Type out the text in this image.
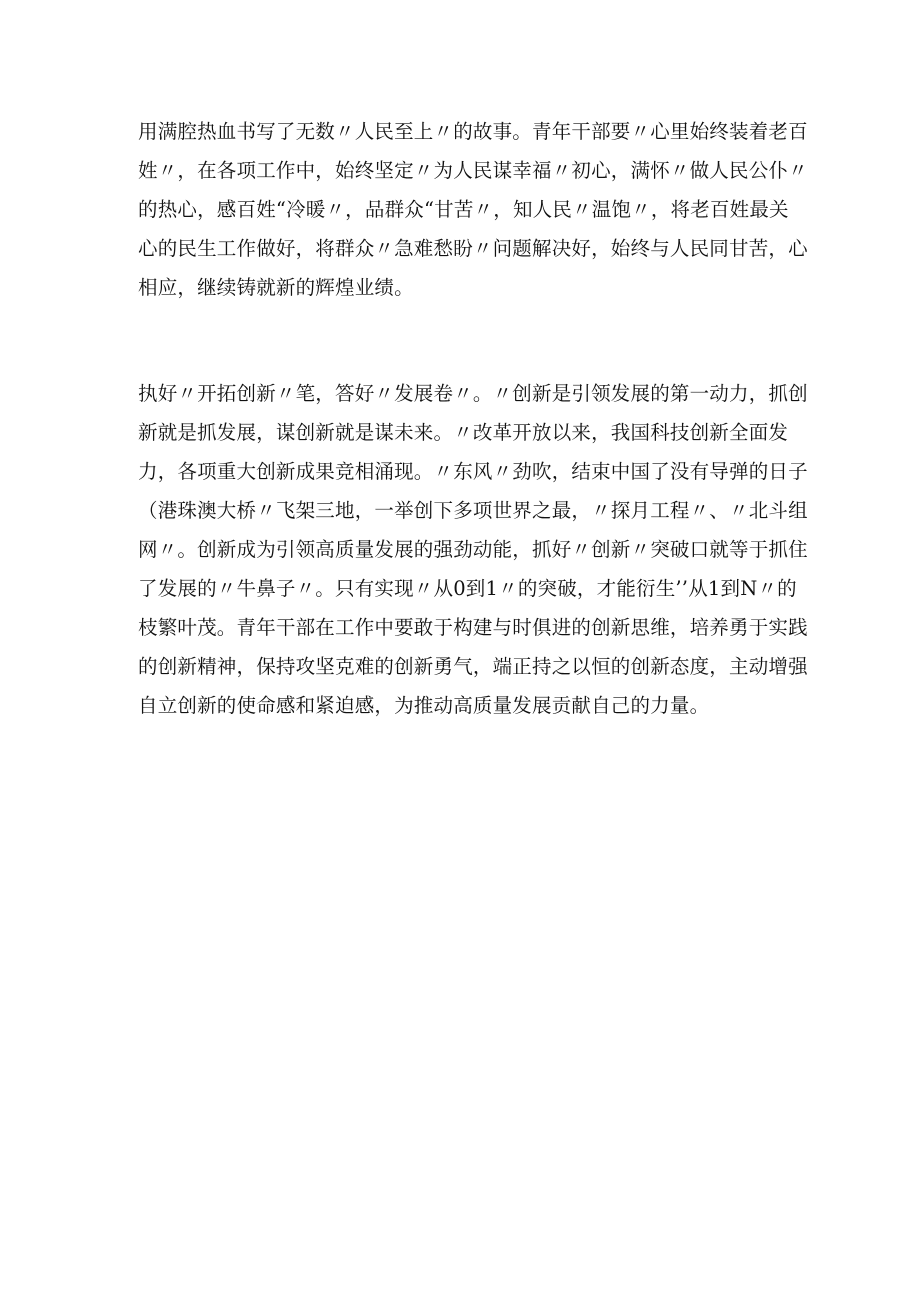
用满腔热血书写了无数〃人民至上〃的故事。青年干部要〃心里始终装着老百
姓〃，在各项工作中，始终坚定〃为人民谋幸福〃初心，满怀〃做人民公仆〃
的热心，感百姓“冷暖〃，品群众“甘苦〃，知人民〃温饱〃，将老百姓最关
心的民生工作做好，将群众〃急难愁盼〃问题解决好，始终与人民同甘苦，心
相应，继续铸就新的辉煌业绩。
执好〃开拓创新〃笔，答好〃发展卷〃。〃创新是引领发展的第一动力，抓创
新就是抓发展，谋创新就是谋未来。〃改革开放以来，我国科技创新全面发
力，各项重大创新成果竞相涌现。〃东风〃劲吹，结束中国了没有导弹的日子
（港珠澳大桥〃飞架三地，一举创下多项世界之最，〃探月工程〃、〃北斗组
网〃。创新成为引领高质量发展的强劲动能，抓好〃创新〃突破口就等于抓住
了发展的〃牛鼻子〃。只有实现〃从0到1〃的突破，才能衍生’’从1到N〃的
枝繁叶茂。青年干部在工作中要敢于构建与时俱进的创新思维，培养勇于实践
的创新精神，保持攻坚克难的创新勇气，端正持之以恒的创新态度，主动增强
自立创新的使命感和紧迫感，为推动高质量发展贡献自己的力量。
